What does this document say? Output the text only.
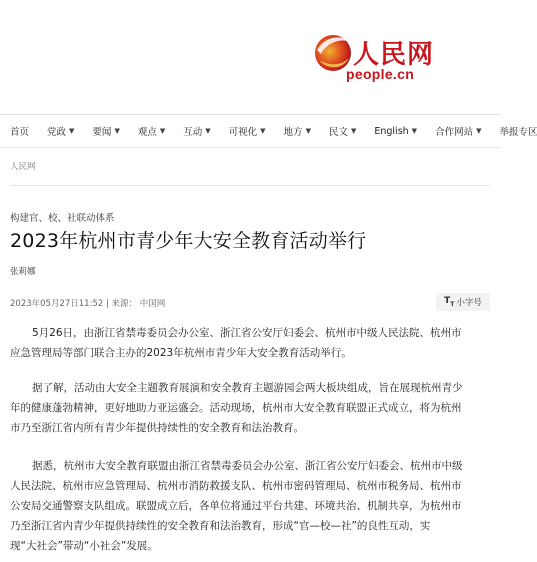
人民网
people.cn
首页 党政 ▼ 要闻 ▼ 观点 ▼ 互动 ▼ 可视化 ▼ 地方 ▼ 民文 ▼ English ▼ 合作网站 ▼ 举报专区
人民网
构建官、校、社联动体系
2023年杭州市青少年大安全教育活动举行
张莉娜
2023年05月27日11:52 | 来源： 中国网	$T_T$ 小字号
5月26日，由浙江省禁毒委员会办公室、浙江省公安厅妇委会、杭州市中级人民法院、杭州市
应急管理局等部门联合主办的2023年杭州市青少年大安全教育活动举行。
据了解，活动由大安全主题教育展演和安全教育主题游园会两大板块组成，旨在展现杭州青少
年的健康蓬勃精神，更好地助力亚运盛会。活动现场，杭州市大安全教育联盟正式成立，将为杭州
市乃至浙江省内所有青少年提供持续性的安全教育和法治教育。
据悉，杭州市大安全教育联盟由浙江省禁毒委员会办公室、浙江省公安厅妇委会、杭州市中级
人民法院、杭州市应急管理局、杭州市消防救援支队、杭州市密码管理局、杭州市税务局、杭州市
公安局交通警察支队组成。联盟成立后，各单位将通过平台共建、环境共治、机制共享，为杭州市
乃至浙江省内青少年提供持续性的安全教育和法治教育，形成“官—校—社”的良性互动，实
现“大社会”带动“小社会”发展。
